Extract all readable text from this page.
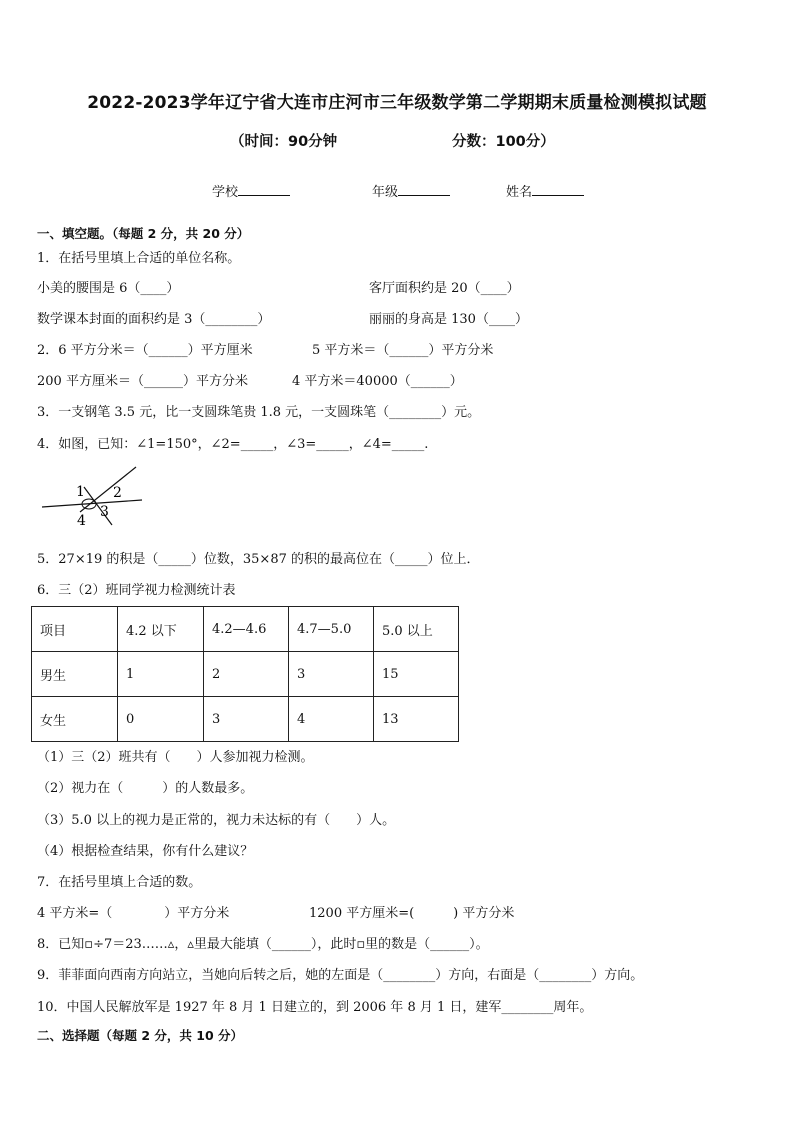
2022-2023学年辽宁省大连市庄河市三年级数学第二学期期末质量检测模拟试题
（时间：90分钟	分数：100分）
学校	年级	姓名
一、填空题。（每题 2 分，共 20 分）
1．在括号里填上合适的单位名称。
小美的腰围是 6（____）	客厅面积约是 20（____）
数学课本封面的面积约是 3（________）	丽丽的身高是 130（____）
2．6 平方分米＝（______）平方厘米	5 平方米＝（______）平方分米
200 平方厘米＝（______）平方分米	4 平方米＝40000（______）
3．一支钢笔 3.5 元，比一支圆珠笔贵 1.8 元，一支圆珠笔（________）元。
4．如图，已知：∠1=150°，∠2=_____，∠3=_____，∠4=_____.
1 2
3
4
5．27×19 的积是（_____）位数，35×87 的积的最高位在（_____）位上．
6．三（2）班同学视力检测统计表
项目	4.2 以下	4.2—4.6	4.7—5.0	5.0 以上
男生	1	2	3	15
女生	0	3	4	13
（1）三（2）班共有（　　）人参加视力检测。
（2）视力在（　　　）的人数最多。
（3）5.0 以上的视力是正常的，视力未达标的有（　　）人。
（4）根据检查结果，你有什么建议？
7．在括号里填上合适的数。
4 平方米=（　　　　）平方分米	1200 平方厘米=(　　　) 平方分米
8．已知▫÷7＝23……▵，▵里最大能填（______），此时▫里的数是（______）。
9．菲菲面向西南方向站立，当她向后转之后，她的左面是（________）方向，右面是（________）方向。
10．中国人民解放军是 1927 年 8 月 1 日建立的，到 2006 年 8 月 1 日，建军________周年。
二、选择题（每题 2 分，共 10 分）
